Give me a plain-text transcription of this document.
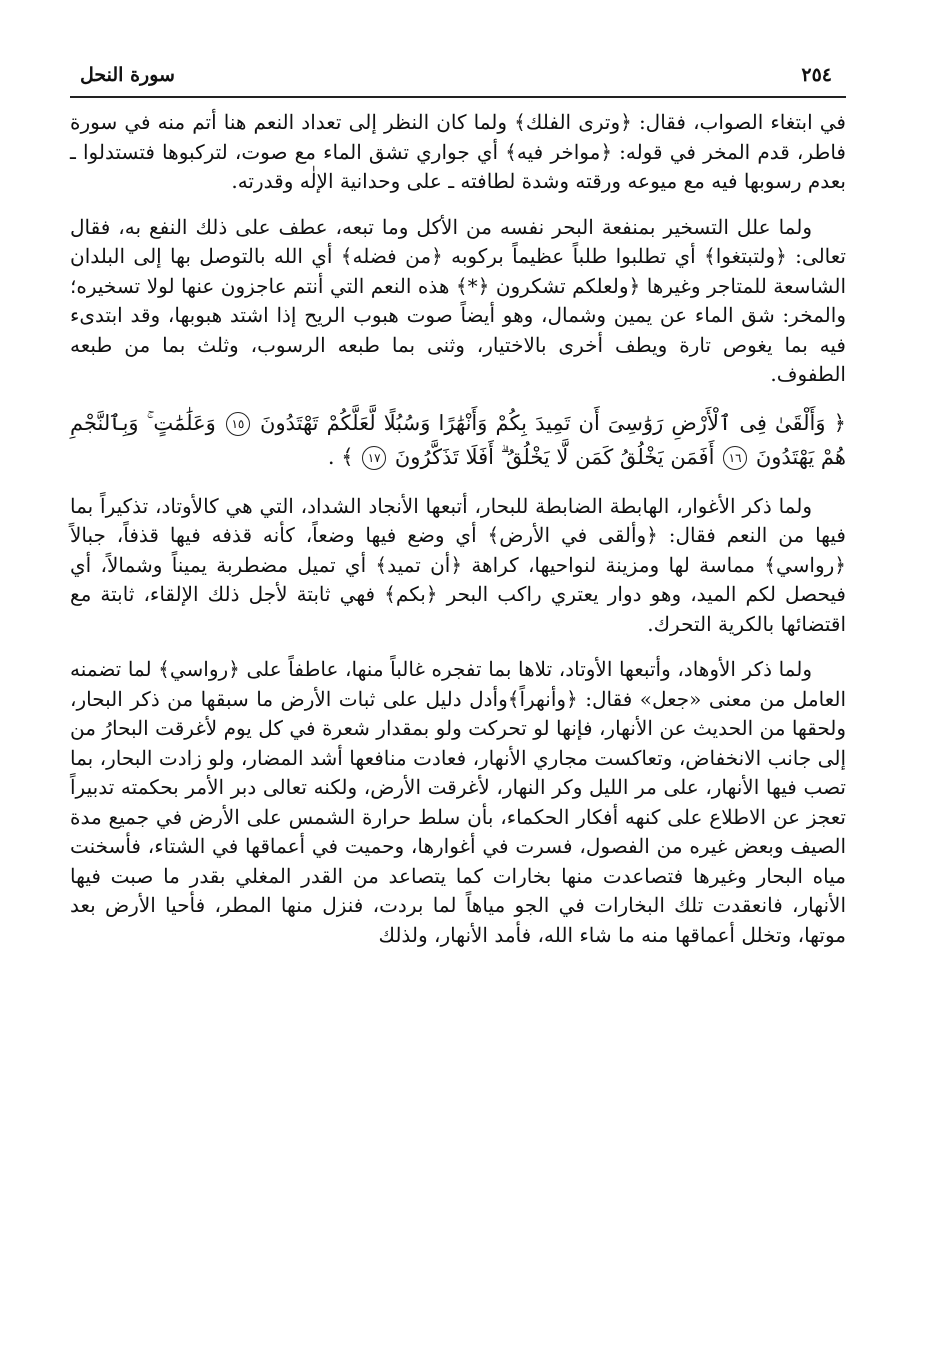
٢٥٤
سورة النحل

في ابتغاء الصواب، فقال: ﴿وترى الفلك﴾ ولما كان النظر إلى تعداد النعم هنا أتم منه في سورة فاطر، قدم المخر في قوله: ﴿مواخر فيه﴾ أي جواري تشق الماء مع صوت، لتركبوها فتستدلوا ـ بعدم رسوبها فيه مع ميوعه ورقته وشدة لطافته ـ على وحدانية الإلٰه وقدرته.

ولما علل التسخير بمنفعة البحر نفسه من الأكل وما تبعه، عطف على ذلك النفع به، فقال تعالى: ﴿ولتبتغوا﴾ أي تطلبوا طلباً عظيماً بركوبه ﴿من فضله﴾ أي الله بالتوصل بها إلى البلدان الشاسعة للمتاجر وغيرها ﴿ولعلكم تشكرون ﴿*﴾ هذه النعم التي أنتم عاجزون عنها لولا تسخيره؛ والمخر: شق الماء عن يمين وشمال، وهو أيضاً صوت هبوب الريح إذا اشتد هبوبها، وقد ابتدىء فيه بما يغوص تارة ويطف أخرى بالاختيار، وثنى بما طبعه الرسوب، وثلث بما من طبعه الطفوف.

﴿ وَأَلْقَىٰ فِى ٱلْأَرْضِ رَوَٰسِىَ أَن تَمِيدَ بِكُمْ وَأَنْهَٰرًا وَسُبُلًا لَّعَلَّكُمْ تَهْتَدُونَ ١٥ وَعَلَٰمَٰتٍ ۚ وَبِٱلنَّجْمِ هُمْ يَهْتَدُونَ ١٦ أَفَمَن يَخْلُقُ كَمَن لَّا يَخْلُقُ ۗ أَفَلَا تَذَكَّرُونَ ١٧ ﴾ .

ولما ذكر الأغوار، الهابطة الضابطة للبحار، أتبعها الأنجاد الشداد، التي هي كالأوتاد، تذكيراً بما فيها من النعم فقال: ﴿وألقى في الأرض﴾ أي وضع فيها وضعاً، كأنه قذفه فيها قذفاً، جبالاً ﴿رواسي﴾ مماسة لها ومزينة لنواحيها، كراهة ﴿أن تميد﴾ أي تميل مضطربة يميناً وشمالاً، أي فيحصل لكم الميد، وهو دوار يعتري راكب البحر ﴿بكم﴾ فهي ثابتة لأجل ذلك الإلقاء، ثابتة مع اقتضائها بالكرية التحرك.

ولما ذكر الأوهاد، وأتبعها الأوتاد، تلاها بما تفجره غالباً منها، عاطفاً على ﴿رواسي﴾ لما تضمنه العامل من معنى «جعل» فقال: ﴿وأنهراً﴾وأدل دليل على ثبات الأرض ما سبقها من ذكر البحار، ولحقها من الحديث عن الأنهار، فإنها لو تحركت ولو بمقدار شعرة في كل يوم لأغرقت البحارُ من إلى جانب الانخفاض، وتعاكست مجاري الأنهار، فعادت منافعها أشد المضار، ولو زادت البحار، بما تصب فيها الأنهار، على مر الليل وكر النهار، لأغرقت الأرض، ولكنه تعالى دبر الأمر بحكمته تدبيراً تعجز عن الاطلاع على كنهه أفكار الحكماء، بأن سلط حرارة الشمس على الأرض في جميع مدة الصيف وبعض غيره من الفصول، فسرت في أغوارها، وحميت في أعماقها في الشتاء، فأسخنت مياه البحار وغيرها فتصاعدت منها بخارات كما يتصاعد من القدر المغلي بقدر ما صبت فيها الأنهار، فانعقدت تلك البخارات في الجو مياهاً لما بردت، فنزل منها المطر، فأحيا الأرض بعد موتها، وتخلل أعماقها منه ما شاء الله، فأمد الأنهار، ولذلك
